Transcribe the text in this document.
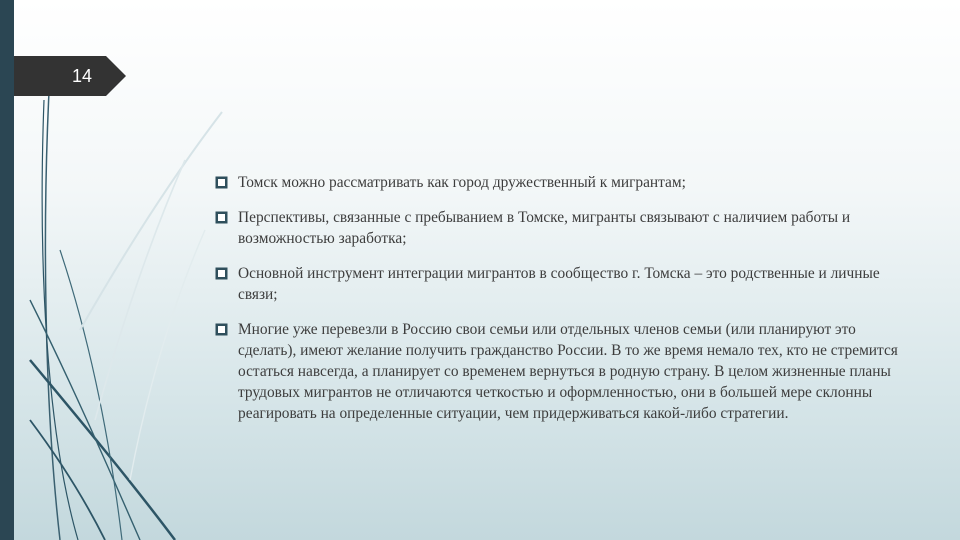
14
Томск можно рассматривать как город дружественный к мигрантам;
Перспективы, связанные с пребыванием в Томске, мигранты связывают с наличием работы и возможностью заработка;
Основной инструмент интеграции мигрантов в сообщество г. Томска – это родственные и личные связи;
Многие уже перевезли в Россию свои семьи или отдельных членов семьи (или планируют это сделать), имеют желание получить гражданство России. В то же время немало тех, кто не стремится остаться навсегда, а планирует со временем вернуться в родную страну. В целом жизненные планы трудовых мигрантов не отличаются четкостью и оформленностью, они в большей мере склонны реагировать на определенные ситуации, чем придерживаться какой-либо стратегии.
